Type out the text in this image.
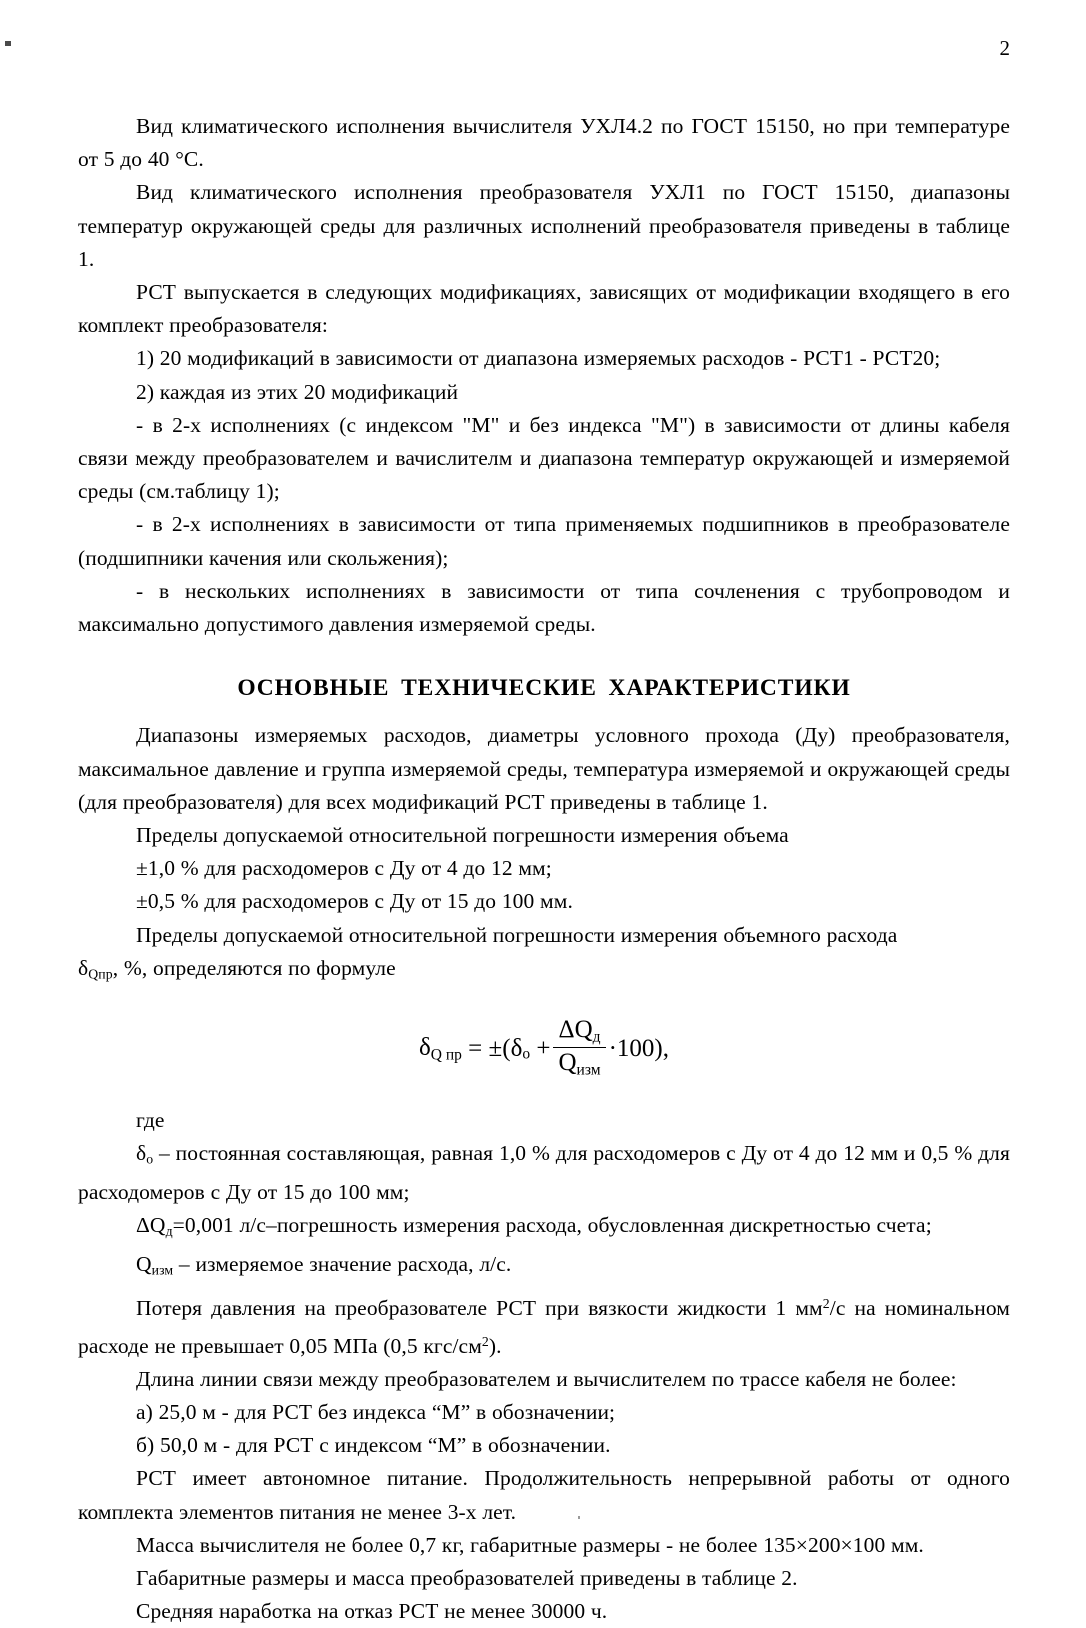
2

Вид климатического исполнения вычислителя УХЛ4.2 по ГОСТ 15150, но при температуре от 5 до 40 °С.

Вид климатического исполнения преобразователя УХЛ1 по ГОСТ 15150, диапазоны температур окружающей среды для различных исполнений преобразователя приведены в таблице 1.

РСТ выпускается в следующих модификациях, зависящих от модификации входящего в его комплект преобразователя:

1) 20 модификаций в зависимости от диапазона измеряемых расходов - РСТ1 - РСТ20;

2) каждая из этих 20 модификаций

- в 2-х исполнениях (с индексом "М" и без индекса "М") в зависимости от длины кабеля связи между преобразователем и вачислителм и диапазона температур окружающей и измеряемой среды (см.таблицу 1);

- в 2-х исполнениях в зависимости от типа применяемых подшипников в преобразователе (подшипники качения или скольжения);

- в нескольких исполнениях в зависимости от типа сочленения с трубопроводом и максимально допустимого давления измеряемой среды.

ОСНОВНЫЕ ТЕХНИЧЕСКИЕ ХАРАКТЕРИСТИКИ

Диапазоны измеряемых расходов, диаметры условного прохода (Ду) преобразователя, максимальное давление и группа измеряемой среды, температура измеряемой и окружающей среды (для преобразователя) для всех модификаций РСТ приведены в таблице 1.

Пределы допускаемой относительной погрешности измерения объема

±1,0 % для расходомеров с Ду от 4 до 12 мм;

±0,5 % для расходомеров с Ду от 15 до 100 мм.

Пределы допускаемой относительной погрешности измерения объемного расхода

δQпр, %, определяются по формуле

$\delta_{Q пр} = \pm(\delta_о + \frac{\Delta Q_д}{Q_{изм}} \cdot 100)$,

где

δо – постоянная составляющая, равная 1,0 % для расходомеров с Ду от 4 до 12 мм и 0,5 % для расходомеров с Ду от 15 до 100 мм;

ΔQд=0,001 л/с–погрешность измерения расхода, обусловленная дискретностью счета;

Qизм – измеряемое значение расхода, л/с.

Потеря давления на преобразователе РСТ при вязкости жидкости 1 $мм^2/с$ на номинальном расходе не превышает 0,05 МПа (0,5 кгс/$см^2$).

Длина линии связи между преобразователем и вычислителем по трассе кабеля не более:

а) 25,0 м - для РСТ без индекса “М” в обозначении;

б) 50,0 м - для РСТ с индексом “М” в обозначении.

РСТ имеет автономное питание. Продолжительность непрерывной работы от одного комплекта элементов питания не менее 3-х лет.

Масса вычислителя не более 0,7 кг, габаритные размеры - не более 135×200×100 мм.

Габаритные размеры и масса преобразователей приведены в таблице 2.

Средняя наработка на отказ РСТ не менее 30000 ч.
